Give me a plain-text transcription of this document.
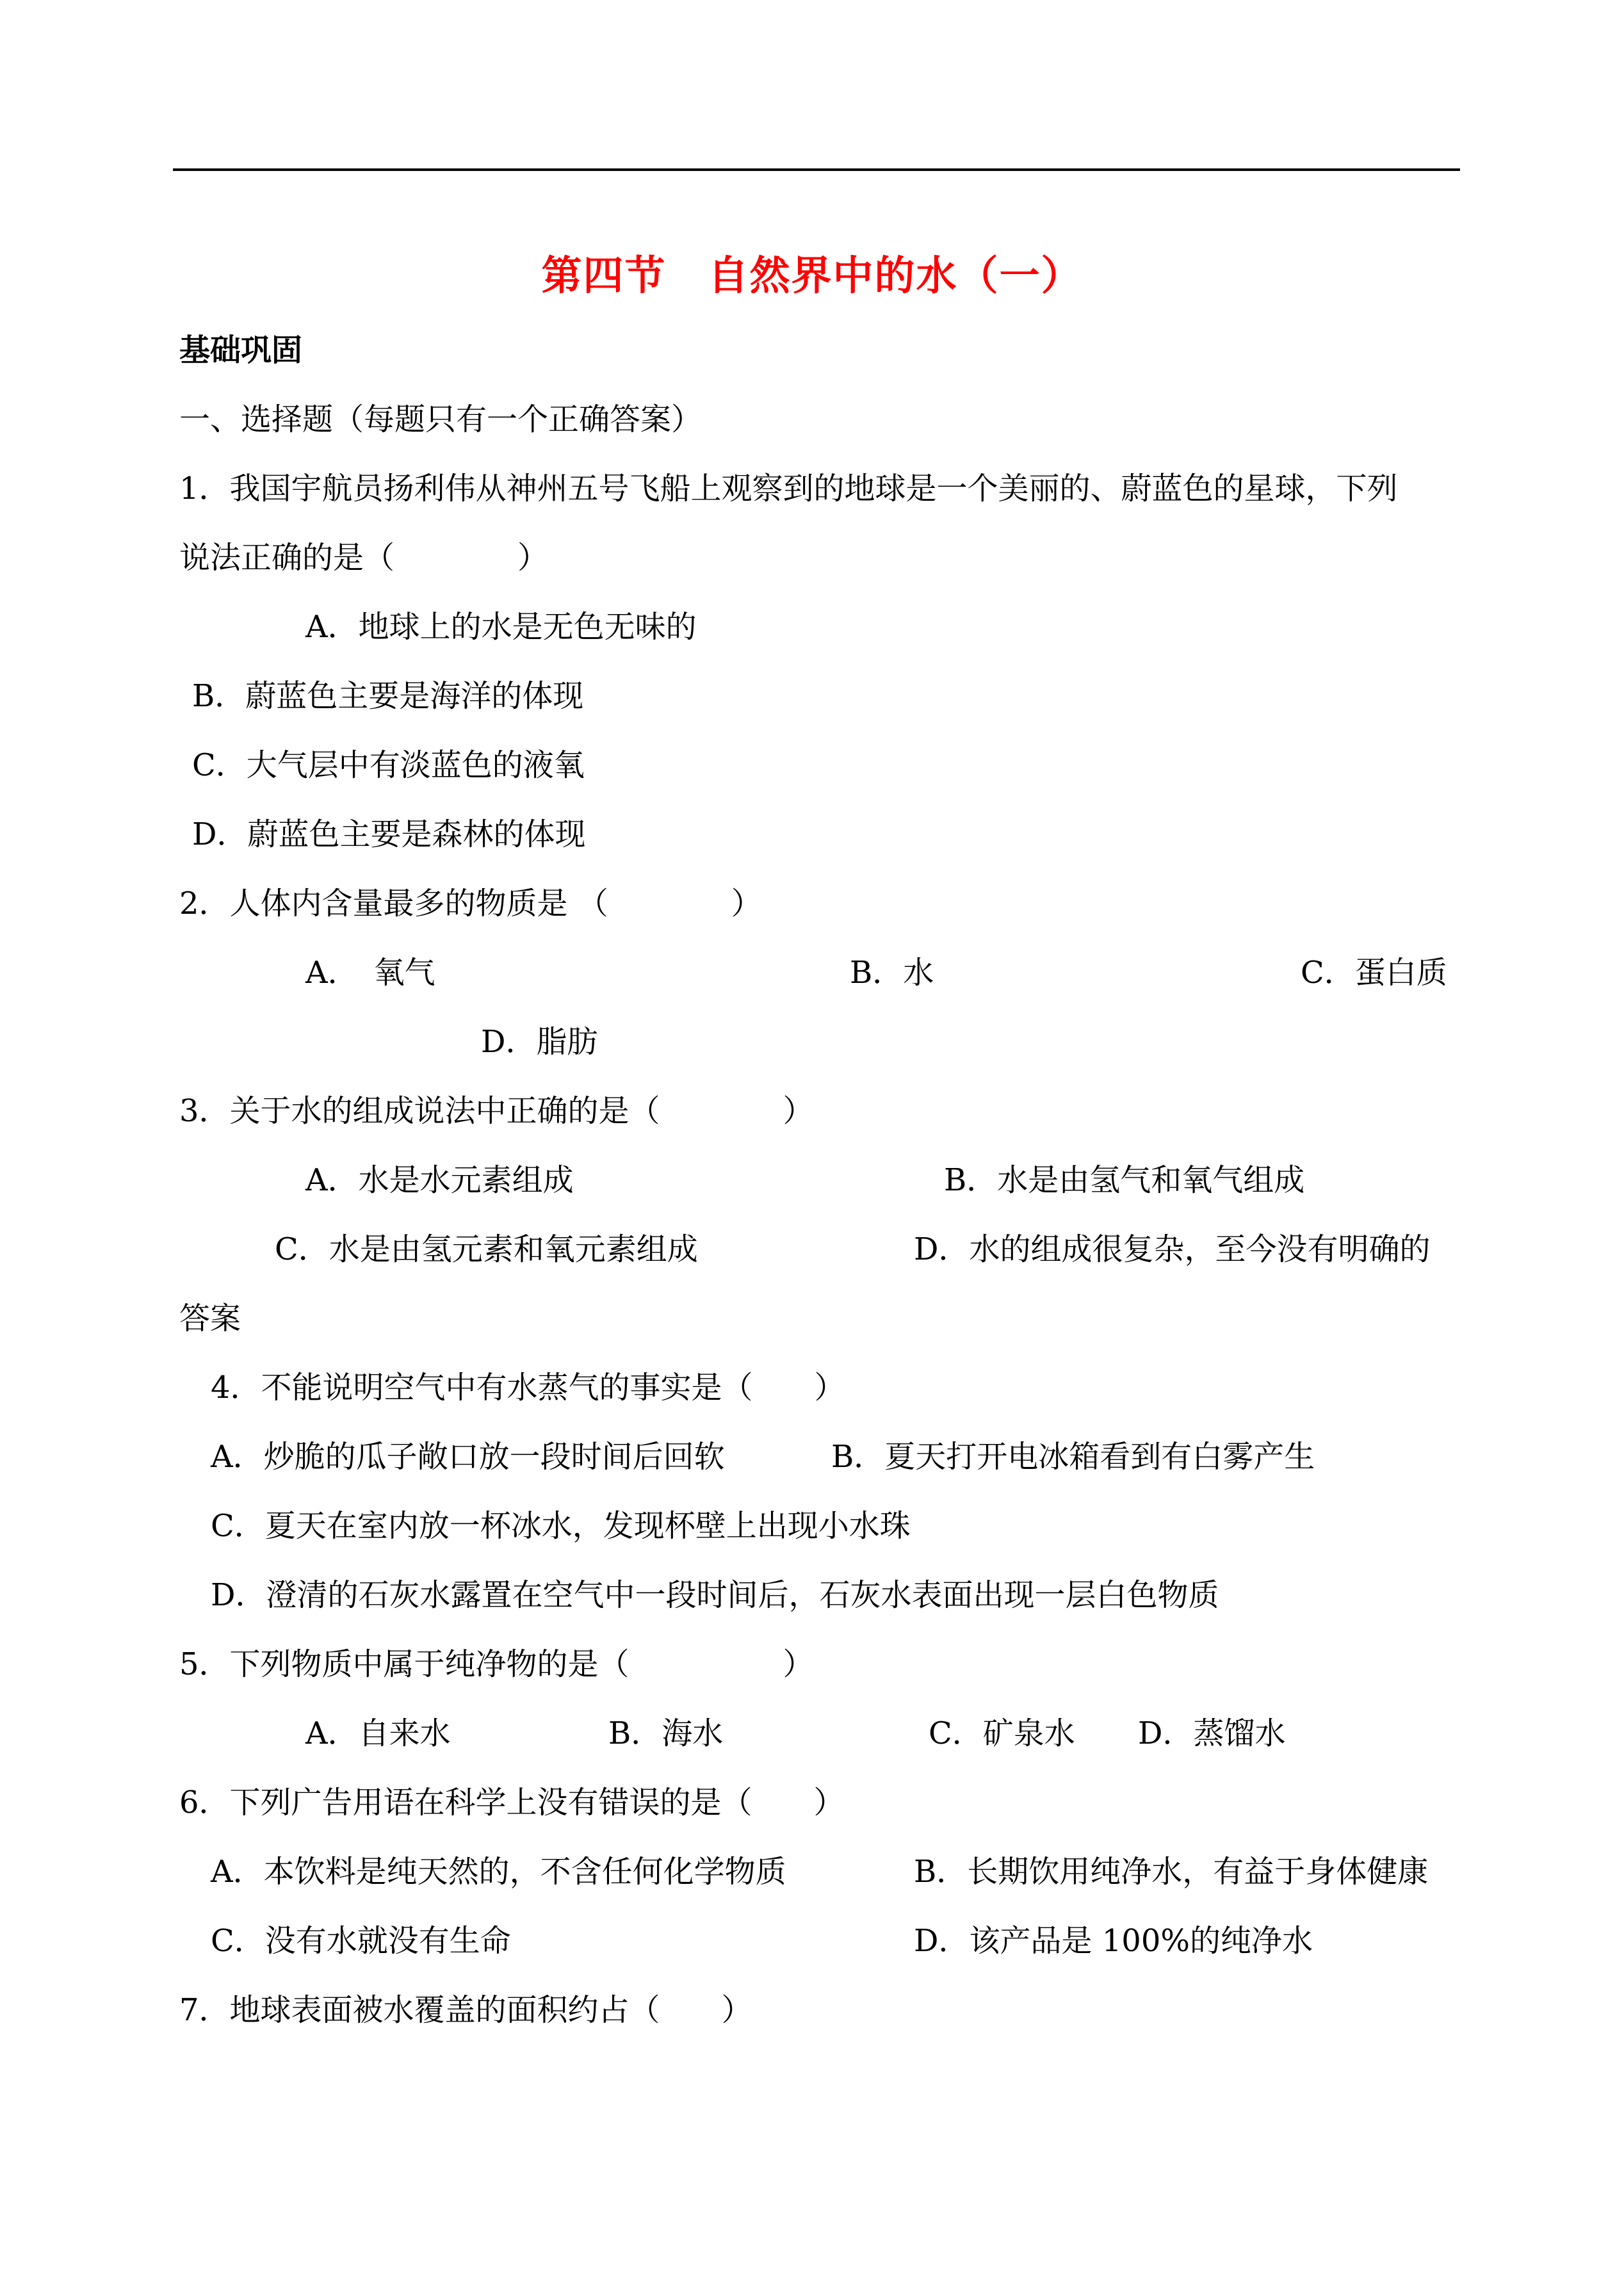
第四节　自然界中的水（一）
基础巩固
一、选择题（每题只有一个正确答案）
1．我国宇航员扬利伟从神州五号飞船上观察到的地球是一个美丽的、蔚蓝色的星球，下列
说法正确的是（　　　　）
A．地球上的水是无色无味的
B．蔚蓝色主要是海洋的体现
C．大气层中有淡蓝色的液氧
D．蔚蓝色主要是森林的体现
2．人体内含量最多的物质是 （　　　　）
A．　氧气	B．水	C．蛋白质
D．脂肪
3．关于水的组成说法中正确的是（　　　　）
A．水是水元素组成	B．水是由氢气和氧气组成
C．水是由氢元素和氧元素组成	D．水的组成很复杂，至今没有明确的
答案
4．不能说明空气中有水蒸气的事实是（　　）
A．炒脆的瓜子敞口放一段时间后回软	B．夏天打开电冰箱看到有白雾产生
C．夏天在室内放一杯冰水，发现杯壁上出现小水珠
D．澄清的石灰水露置在空气中一段时间后，石灰水表面出现一层白色物质
5．下列物质中属于纯净物的是（　　　　　）
A．自来水	B．海水	C．矿泉水 D．蒸馏水
6．下列广告用语在科学上没有错误的是（　　）
A．本饮料是纯天然的，不含任何化学物质	B．长期饮用纯净水，有益于身体健康
C．没有水就没有生命	D．该产品是 100%的纯净水
7．地球表面被水覆盖的面积约占（　　）
